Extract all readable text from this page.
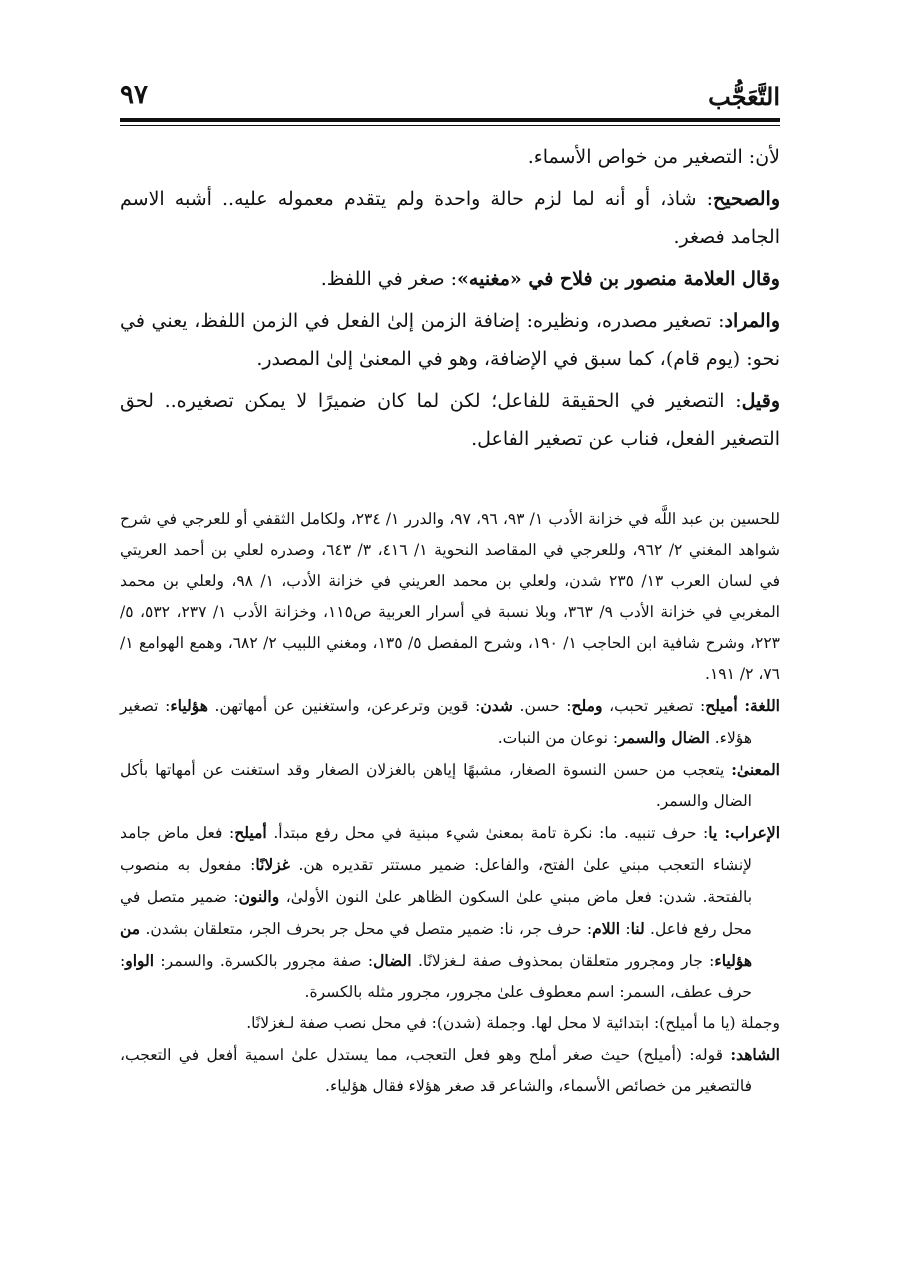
التَّعَجُّب
٩٧

لأن: التصغير من خواص الأسماء.

والصحيح: شاذ، أو أنه لما لزم حالة واحدة ولم يتقدم معموله عليه.. أشبه الاسم الجامد فصغر.

وقال العلامة منصور بن فلاح في «مغنيه»: صغر في اللفظ.

والمراد: تصغير مصدره، ونظيره: إضافة الزمن إلىٰ الفعل في الزمن اللفظ، يعني في نحو: (يوم قام)، كما سبق في الإضافة، وهو في المعنىٰ إلىٰ المصدر.

وقيل: التصغير في الحقيقة للفاعل؛ لكن لما كان ضميرًا لا يمكن تصغيره.. لحق التصغير الفعل، فناب عن تصغير الفاعل.

للحسين بن عبد اللَّه في خزانة الأدب ١/ ٩٣، ٩٦، ٩٧، والدرر ١/ ٢٣٤، ولكامل الثقفي أو للعرجي في شرح شواهد المغني ٢/ ٩٦٢، وللعرجي في المقاصد النحوية ١/ ٤١٦، ٣/ ٦٤٣، وصدره لعلي بن أحمد العريتي في لسان العرب ١٣/ ٢٣٥ شدن، ولعلي بن محمد العريني في خزانة الأدب، ١/ ٩٨، ولعلي بن محمد المغربي في خزانة الأدب ٩/ ٣٦٣، وبلا نسبة في أسرار العربية ص١١٥، وخزانة الأدب ١/ ٢٣٧، ٥٣٢، ٥/ ٢٢٣، وشرح شافية ابن الحاجب ١/ ١٩٠، وشرح المفصل ٥/ ١٣٥، ومغني اللبيب ٢/ ٦٨٢، وهمع الهوامع ١/ ٧٦، ٢/ ١٩١.

اللغة: أميلح: تصغير تحبب، وملح: حسن. شدن: قوين وترعرعن، واستغنين عن أمهاتهن. هؤلياء: تصغير هؤلاء. الضال والسمر: نوعان من النبات.

المعنىٰ: يتعجب من حسن النسوة الصغار، مشبهًا إياهن بالغزلان الصغار وقد استغنت عن أمهاتها بأكل الضال والسمر.

الإعراب: يا: حرف تنبيه. ما: نكرة تامة بمعنىٰ شيء مبنية في محل رفع مبتدأ. أميلح: فعل ماض جامد لإنشاء التعجب مبني علىٰ الفتح، والفاعل: ضمير مستتر تقديره هن. غزلانًا: مفعول به منصوب بالفتحة. شدن: فعل ماض مبني علىٰ السكون الظاهر علىٰ النون الأولىٰ، والنون: ضمير متصل في محل رفع فاعل. لنا: اللام: حرف جر، نا: ضمير متصل في محل جر بحرف الجر، متعلقان بشدن. من هؤلياء: جار ومجرور متعلقان بمحذوف صفة لـغزلانًا. الضال: صفة مجرور بالكسرة. والسمر: الواو: حرف عطف، السمر: اسم معطوف علىٰ مجرور، مجرور مثله بالكسرة.

وجملة (يا ما أميلح): ابتدائية لا محل لها. وجملة (شدن): في محل نصب صفة لـغزلانًا.

الشاهد: قوله: (أميلح) حيث صغر أملح وهو فعل التعجب، مما يستدل علىٰ اسمية أفعل في التعجب، فالتصغير من خصائص الأسماء، والشاعر قد صغر هؤلاء فقال هؤلياء.
